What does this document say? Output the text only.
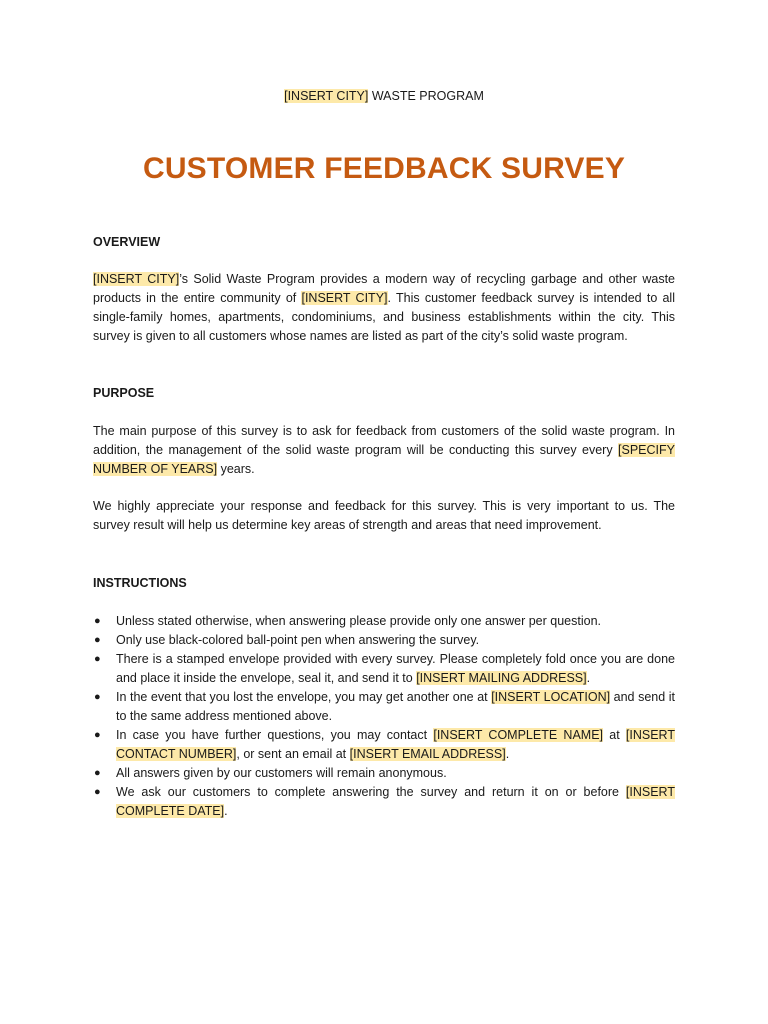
[INSERT CITY] WASTE PROGRAM
CUSTOMER FEEDBACK SURVEY
OVERVIEW

[INSERT CITY]’s Solid Waste Program provides a modern way of recycling garbage and other waste products in the entire community of [INSERT CITY]. This customer feedback survey is intended to all single-family homes, apartments, condominiums, and business establishments within the city. This survey is given to all customers whose names are listed as part of the city’s solid waste program.

PURPOSE

The main purpose of this survey is to ask for feedback from customers of the solid waste program. In addition, the management of the solid waste program will be conducting this survey every [SPECIFY NUMBER OF YEARS] years.

We highly appreciate your response and feedback for this survey. This is very important to us. The survey result will help us determine key areas of strength and areas that need improvement.

INSTRUCTIONS
● Unless stated otherwise, when answering please provide only one answer per question.
● Only use black-colored ball-point pen when answering the survey.
● There is a stamped envelope provided with every survey. Please completely fold once you are done and place it inside the envelope, seal it, and send it to [INSERT MAILING ADDRESS].
● In the event that you lost the envelope, you may get another one at [INSERT LOCATION] and send it to the same address mentioned above.
● In case you have further questions, you may contact [INSERT COMPLETE NAME] at [INSERT CONTACT NUMBER], or sent an email at [INSERT EMAIL ADDRESS].
● All answers given by our customers will remain anonymous.
● We ask our customers to complete answering the survey and return it on or before [INSERT COMPLETE DATE].
